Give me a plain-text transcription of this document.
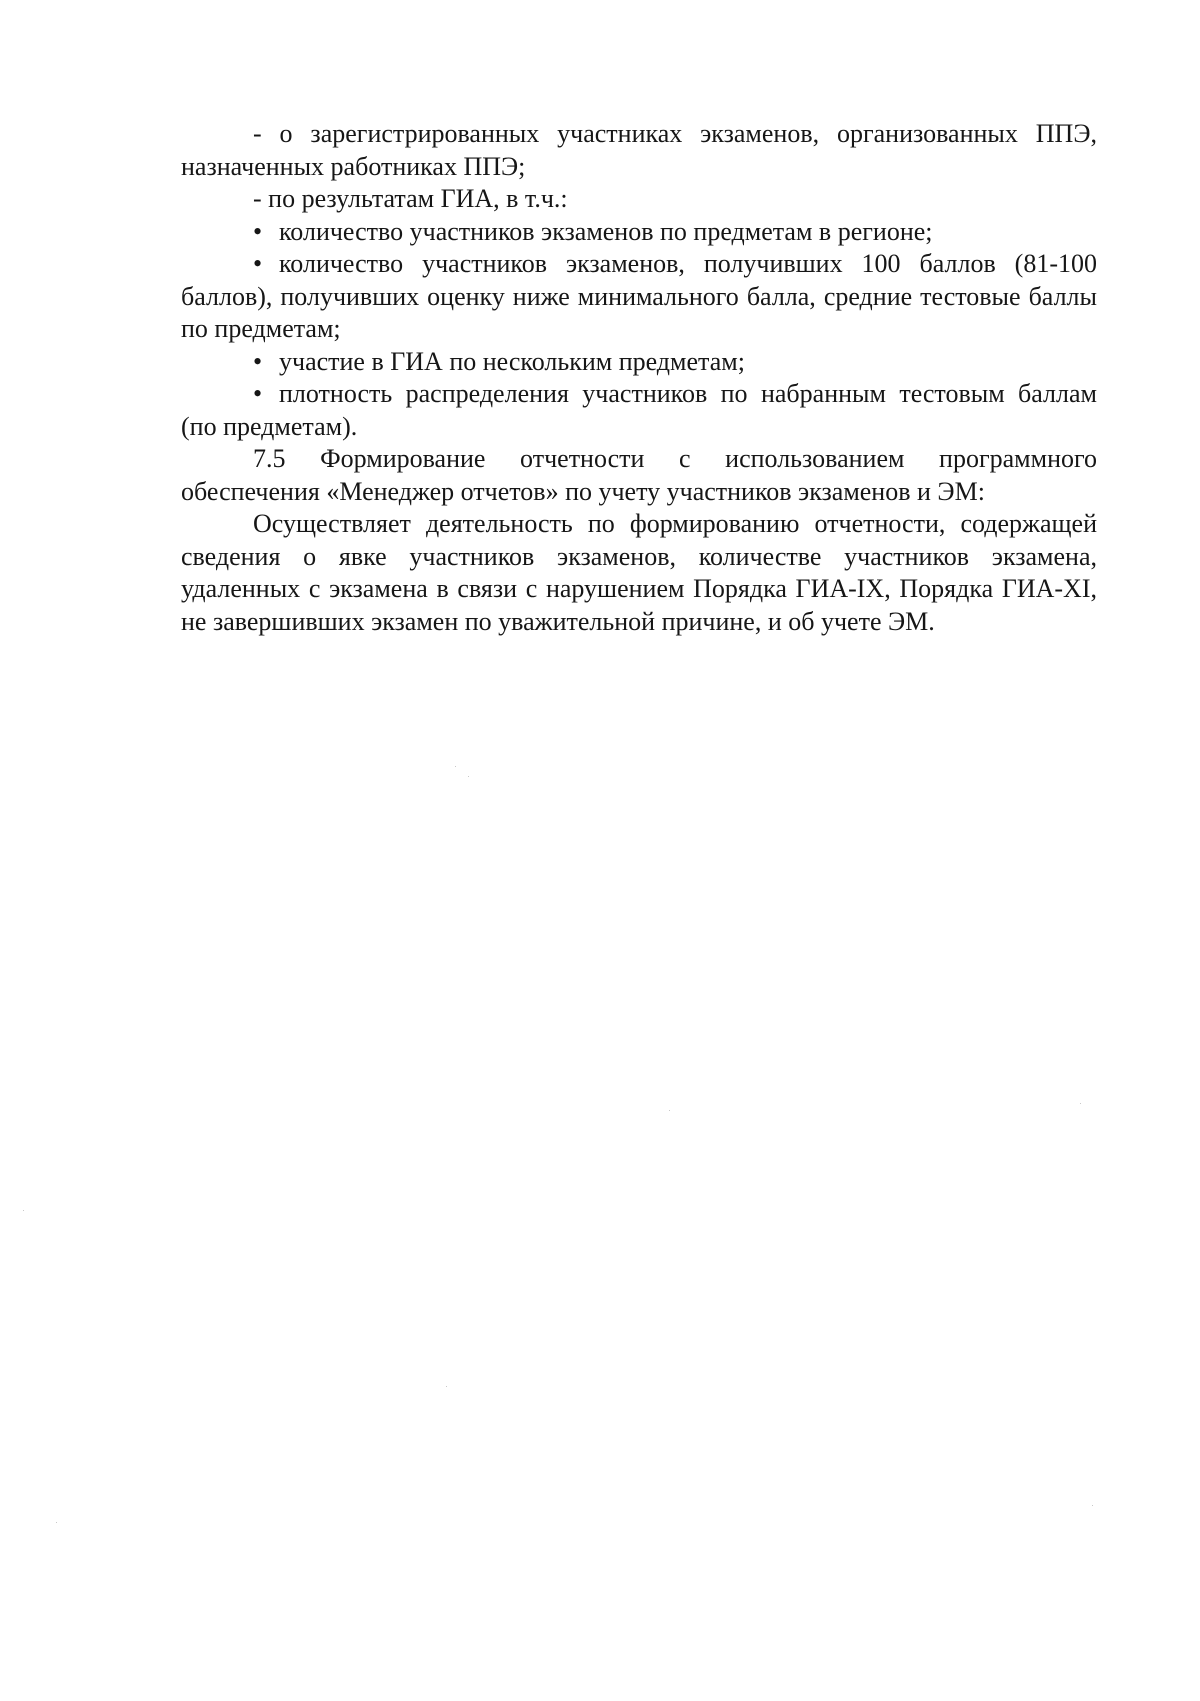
- о зарегистрированных участниках экзаменов, организованных ППЭ, назначенных работниках ППЭ;

- по результатам ГИА, в т.ч.:

• количество участников экзаменов по предметам в регионе;

• количество участников экзаменов, получивших 100 баллов (81-100 баллов), получивших оценку ниже минимального балла, средние тестовые баллы по предметам;

• участие в ГИА по нескольким предметам;

• плотность распределения участников по набранным тестовым баллам (по предметам).

7.5 Формирование отчетности с использованием программного обеспечения «Менеджер отчетов» по учету участников экзаменов и ЭМ:

Осуществляет деятельность по формированию отчетности, содержащей сведения о явке участников экзаменов, количестве участников экзамена, удаленных с экзамена в связи с нарушением Порядка ГИА-IX, Порядка ГИА-XI, не завершивших экзамен по уважительной причине, и об учете ЭМ.
